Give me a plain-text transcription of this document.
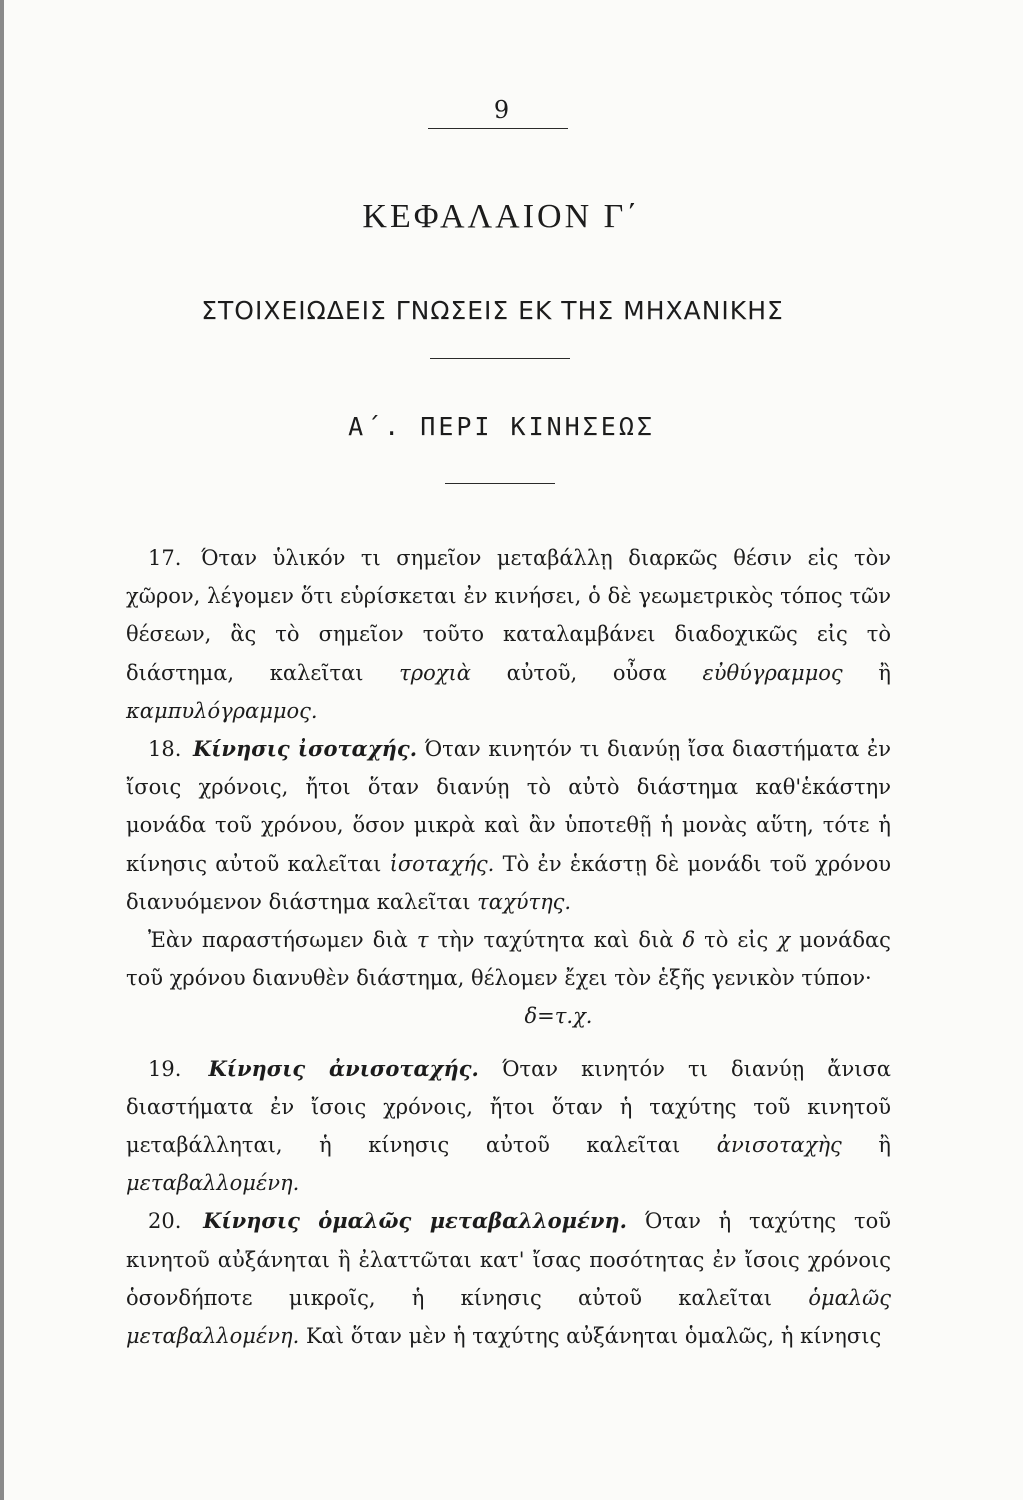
9
ΚΕΦΑΛΑΙΟΝ Γ΄
ΣΤΟΙΧΕΙΩΔΕΙΣ ΓΝΩΣΕΙΣ ΕΚ ΤΗΣ ΜΗΧΑΝΙΚΗΣ
Α΄. ΠΕΡΙ ΚΙΝΗΣΕΩΣ

17. Όταν ὑλικόν τι σημεῖον μεταβάλλῃ διαρκῶς θέσιν εἰς τὸν χῶρον, λέγομεν ὅτι εὑρίσκεται ἐν κινήσει, ὁ δὲ γεωμετρικὸς τόπος τῶν θέσεων, ἃς τὸ σημεῖον τοῦτο καταλαμβάνει διαδοχικῶς εἰς τὸ διάστημα, καλεῖται τροχιὰ αὐτοῦ, οὖσα εὐθύγραμμος ἢ καμπυλόγραμμος.

18. Κίνησις ἰσοταχής. Όταν κινητόν τι διανύῃ ἴσα διαστήματα ἐν ἴσοις χρόνοις, ἤτοι ὅταν διανύῃ τὸ αὐτὸ διάστημα καθ'ἑκάστην μονάδα τοῦ χρόνου, ὅσον μικρὰ καὶ ἂν ὑποτεθῇ ἡ μονὰς αὕτη, τότε ἡ κίνησις αὐτοῦ καλεῖται ἰσοταχής. Τὸ ἐν ἑκάστῃ δὲ μονάδι τοῦ χρόνου διανυόμενον διάστημα καλεῖται ταχύτης.

Ἐὰν παραστήσωμεν διὰ τ τὴν ταχύτητα καὶ διὰ δ τὸ εἰς χ μονάδας τοῦ χρόνου διανυθὲν διάστημα, θέλομεν ἔχει τὸν ἑξῆς γενικὸν τύπον·

δ=τ.χ.

19. Κίνησις ἀνισοταχής. Όταν κινητόν τι διανύῃ ἄνισα διαστήματα ἐν ἴσοις χρόνοις, ἤτοι ὅταν ἡ ταχύτης τοῦ κινητοῦ μεταβάλληται, ἡ κίνησις αὐτοῦ καλεῖται ἀνισοταχὴς ἢ μεταβαλλομένη.

20. Κίνησις ὁμαλῶς μεταβαλλομένη. Όταν ἡ ταχύτης τοῦ κινητοῦ αὐξάνηται ἢ ἐλαττῶται κατ' ἴσας ποσότητας ἐν ἴσοις χρόνοις ὁσονδήποτε μικροῖς, ἡ κίνησις αὐτοῦ καλεῖται ὁμαλῶς μεταβαλλομένη. Καὶ ὅταν μὲν ἡ ταχύτης αὐξάνηται ὁμαλῶς, ἡ κίνησις
